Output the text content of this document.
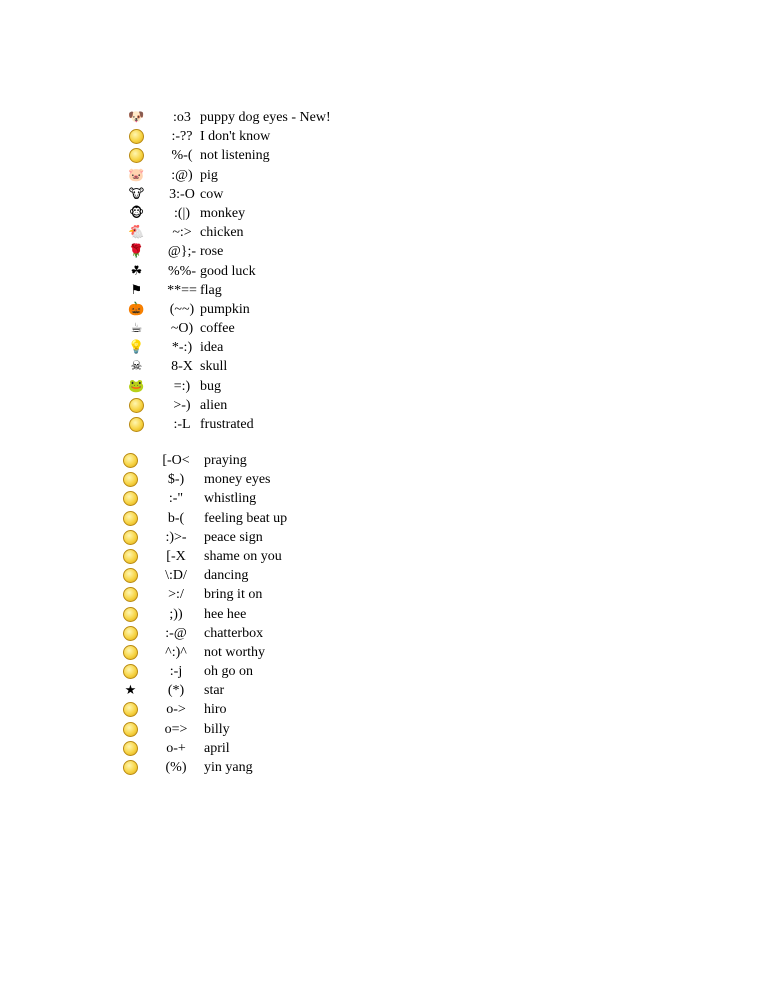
🐶	:o3 puppy dog eyes - New!
:-?? I don't know
%-( not listening
🐷	:@) pig
🐮	3:-O cow
🐵	:(|) monkey
🐔	~:> chicken
🌹	@};- rose
☘	%%- good luck
⚑	**== flag
🎃	(~~) pumpkin
☕	~O) coffee
💡	*-:) idea
☠	8-X skull
🐸	=:) bug
>-) alien
:-L frustrated
[-O<	praying
$-)	money eyes
:-"	whistling
b-(	feeling beat up
:)>-	peace sign
[-X	shame on you
\:D/	dancing
>:/	bring it on
;))	hee hee
:-@	chatterbox
^:)^	not worthy
:-j	oh go on
★	(*)	star
o->	hiro
o=>	billy
o-+	april
(%)	yin yang
